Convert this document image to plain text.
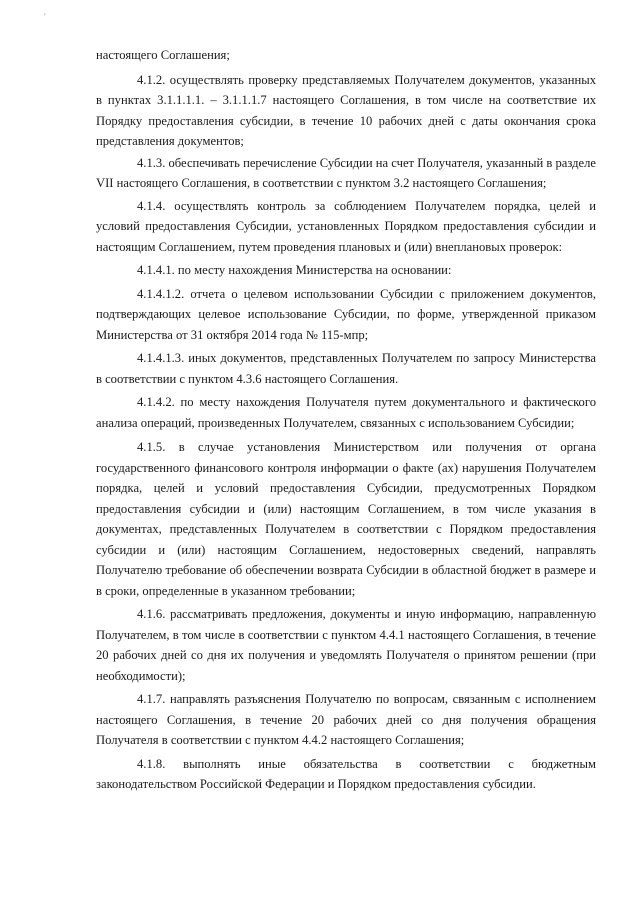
'

настоящего Соглашения;

4.1.2. осуществлять проверку представляемых Получателем документов, указанных в пунктах 3.1.1.1.1. – 3.1.1.1.7 настоящего Соглашения, в том числе на соответствие их Порядку предоставления субсидии, в течение 10 рабочих дней с даты окончания срока представления документов;

4.1.3. обеспечивать перечисление Субсидии на счет Получателя, указанный в разделе VII настоящего Соглашения, в соответствии с пунктом 3.2 настоящего Соглашения;

4.1.4. осуществлять контроль за соблюдением Получателем порядка, целей и условий предоставления Субсидии, установленных Порядком предоставления субсидии и настоящим Соглашением, путем проведения плановых и (или) внеплановых проверок:

4.1.4.1. по месту нахождения Министерства на основании:

4.1.4.1.2. отчета о целевом использовании Субсидии с приложением документов, подтверждающих целевое использование Субсидии, по форме, утвержденной приказом Министерства от 31 октября 2014 года № 115-мпр;

4.1.4.1.3. иных документов, представленных Получателем по запросу Министерства в соответствии с пунктом 4.3.6 настоящего Соглашения.

4.1.4.2. по месту нахождения Получателя путем документального и фактического анализа операций, произведенных Получателем, связанных с использованием Субсидии;

4.1.5. в случае установления Министерством или получения от органа государственного финансового контроля информации о факте (ах) нарушения Получателем порядка, целей и условий предоставления Субсидии, предусмотренных Порядком предоставления субсидии и (или) настоящим Соглашением, в том числе указания в документах, представленных Получателем в соответствии с Порядком предоставления субсидии и (или) настоящим Соглашением, недостоверных сведений, направлять Получателю требование об обеспечении возврата Субсидии в областной бюджет в размере и в сроки, определенные в указанном требовании;

4.1.6. рассматривать предложения, документы и иную информацию, направленную Получателем, в том числе в соответствии с пунктом 4.4.1 настоящего Соглашения, в течение 20 рабочих дней со дня их получения и уведомлять Получателя о принятом решении (при необходимости);

4.1.7. направлять разъяснения Получателю по вопросам, связанным с исполнением настоящего Соглашения, в течение 20 рабочих дней со дня получения обращения Получателя в соответствии с пунктом 4.4.2 настоящего Соглашения;

4.1.8. выполнять иные обязательства в соответствии с бюджетным законодательством Российской Федерации и Порядком предоставления субсидии.
